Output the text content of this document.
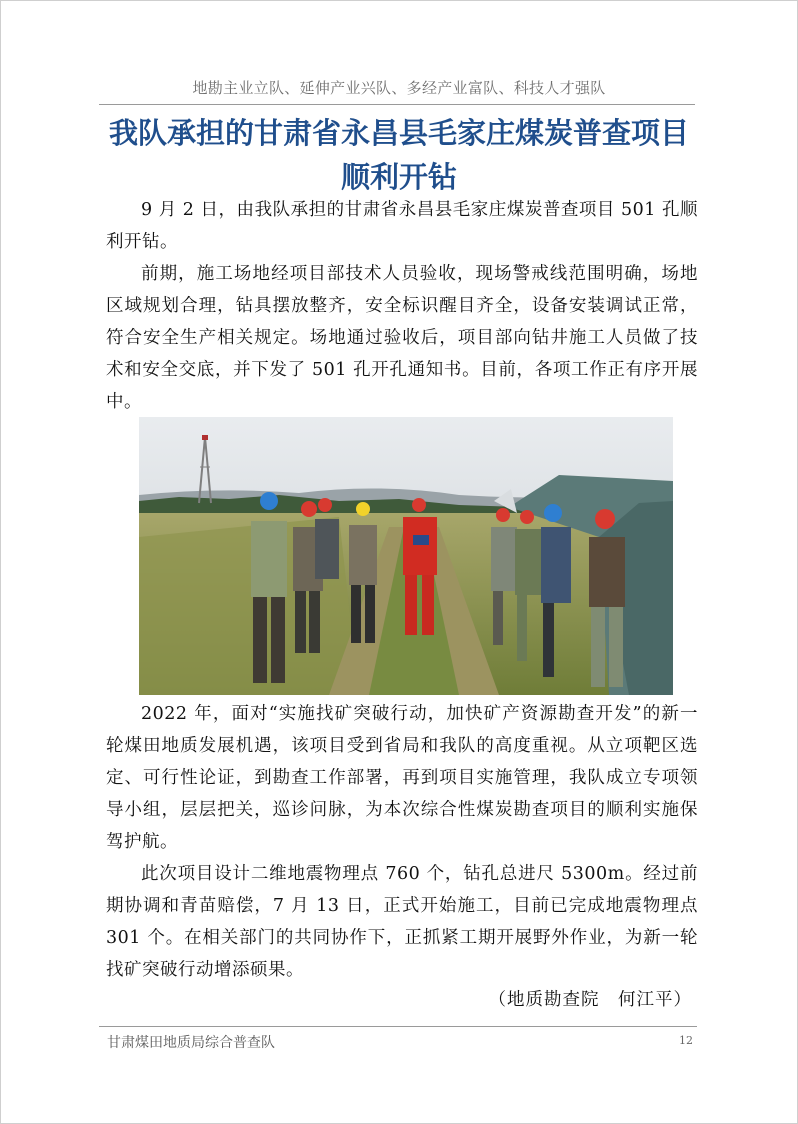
地勘主业立队、延伸产业兴队、多经产业富队、科技人才强队
我队承担的甘肃省永昌县毛家庄煤炭普查项目
顺利开钻

9 月 2 日，由我队承担的甘肃省永昌县毛家庄煤炭普查项目 501 孔顺利开钻。

前期，施工场地经项目部技术人员验收，现场警戒线范围明确，场地区域规划合理，钻具摆放整齐，安全标识醒目齐全，设备安装调试正常，符合安全生产相关规定。场地通过验收后，项目部向钻井施工人员做了技术和安全交底，并下发了 501 孔开孔通知书。目前，各项工作正有序开展中。

2022 年，面对“实施找矿突破行动，加快矿产资源勘查开发”的新一轮煤田地质发展机遇，该项目受到省局和我队的高度重视。从立项靶区选定、可行性论证，到勘查工作部署，再到项目实施管理，我队成立专项领导小组，层层把关，巡诊问脉，为本次综合性煤炭勘查项目的顺利实施保驾护航。

此次项目设计二维地震物理点 760 个，钻孔总进尺 5300m。经过前期协调和青苗赔偿，7 月 13 日，正式开始施工，目前已完成地震物理点 301 个。在相关部门的共同协作下，正抓紧工期开展野外作业，为新一轮找矿突破行动增添硕果。

（地质勘查院　何江平）
甘肃煤田地质局综合普查队	12
